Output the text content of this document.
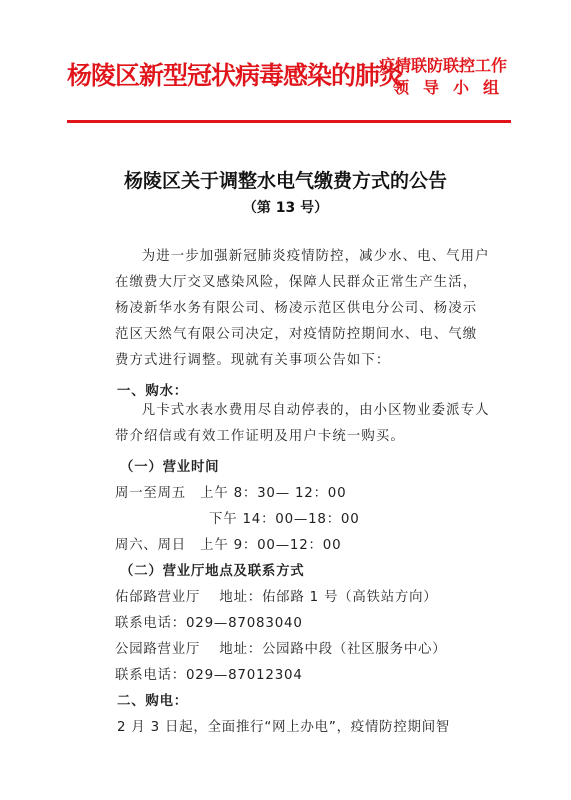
杨陵区新型冠状病毒感染的肺炎
疫情联防联控工作
领导小组
杨陵区关于调整水电气缴费方式的公告
（第 13 号）
为进一步加强新冠肺炎疫情防控，减少水、电、气用户在缴费大厅交叉感染风险，保障人民群众正常生产生活，杨凌新华水务有限公司、杨凌示范区供电分公司、杨凌示范区天然气有限公司决定，对疫情防控期间水、电、气缴费方式进行调整。现就有关事项公告如下：
一、购水：
凡卡式水表水费用尽自动停表的，由小区物业委派专人带介绍信或有效工作证明及用户卡统一购买。
（一）营业时间
周一至周五　上午 8：30— 12：00
下午 14：00—18：00
周六、周日　上午 9：00—12：00
（二）营业厅地点及联系方式
佑邰路营业厅　 地址：佑邰路 1 号（高铁站方向）
联系电话：029—87083040
公园路营业厅　 地址：公园路中段（社区服务中心）
联系电话：029—87012304
二、购电：
2 月 3 日起，全面推行“网上办电”，疫情防控期间智
